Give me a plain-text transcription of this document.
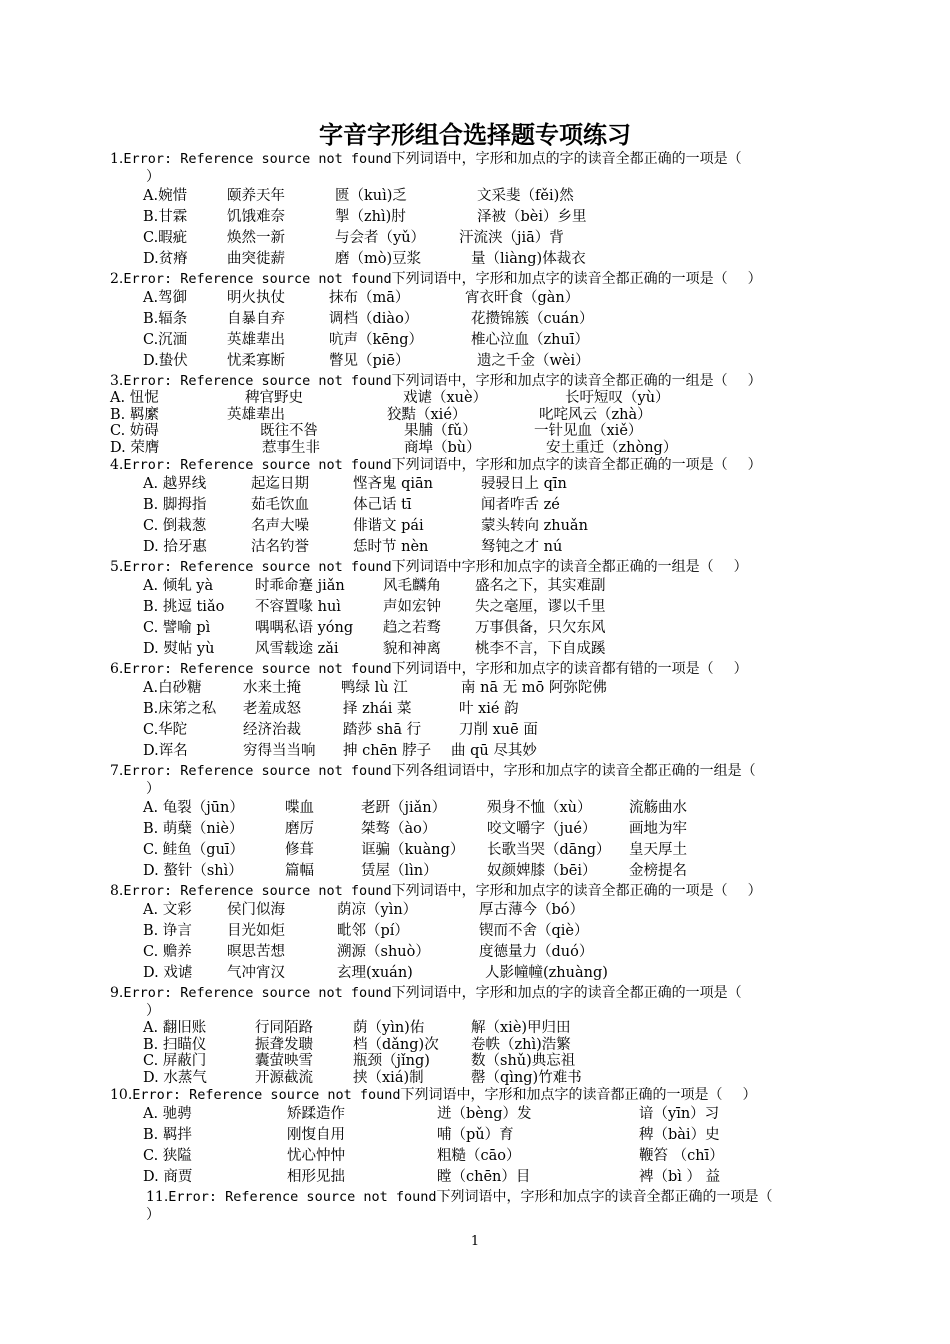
字音字形组合选择题专项练习
1.Error: Reference source not found下列词语中，字形和加点的字的读音全都正确的一项是（
）
A.婉惜	颐养天年	匮（kuì)乏	文采斐（fěi)然
B.甘霖	饥饿难奈	掣（zhì)肘	泽被（bèi）乡里
C.暇疵	焕然一新	与会者（yǔ）	汗流浃（jiā）背
D.贫瘠	曲突徙薪	磨（mò)豆浆	量（liàng)体裁衣
2.Error: Reference source not found下列词语中，字形和加点字的读音全都正确的一项是（ ）
A.驾御	明火执仗	抹布（mā）	宵衣旰食（gàn）
B.辐条	自暴自弃	调档（diào）	花攒锦簇（cuán）
C.沉湎	英雄辈出	吭声（kēng）	椎心泣血（zhuī）
D.蛰伏	忧柔寡断	瞥见（piē）	遗之千金（wèi）
3.Error: Reference source not found下列词语中，字形和加点字的读音全都正确的一组是（ ）
A. 忸怩	稗官野史	戏谑（xuè）	长吁短叹（yù）
B. 羁縻	英雄辈出	狡黠（xié）	叱咤风云（zhà）
C. 妨碍	既往不咎	果脯（fǔ）	一针见血（xiě）
D. 荣膺	惹事生非	商埠（bù）	安土重迁（zhòng）
4.Error: Reference source not found下列词语中，字形和加点字的读音全都正确的一项是（ ）
A. 越界线	起迄日期	悭吝鬼 qiān	骎骎日上 qīn
B. 脚拇指	茹毛饮血	体己话 tī	闻者咋舌 zé
C. 倒栽葱	名声大噪	俳谐文 pái	蒙头转向 zhuǎn
D. 拾牙惠	沽名钓誉	恁时节 nèn	驽钝之才 nú
5.Error: Reference source not found下列词语中字形和加点字的读音全都正确的一组是（ ）
A. 倾轧 yà	时乖命蹇 jiǎn	风毛麟角	盛名之下，其实难副
B. 挑逗 tiǎo	不容置喙 huì	声如宏钟	失之毫厘，谬以千里
C. 譬喻 pì	喁喁私语 yóng	趋之若骛	万事俱备，只欠东风
D. 熨帖 yù	风雪载途 zǎi	貌和神离	桃李不言，下自成蹊
6.Error: Reference source not found下列词语中，字形和加点字的读音都有错的一项是（ ）
A.白砂糖	水来土掩	鸭绿 lù 江	南 nā 无 mō 阿弥陀佛
B.床笫之私	老羞成怒	择 zhái 菜	叶 xié 韵
C.华陀	经济治裁	踏莎 shā 行	刀削 xuē 面
D.诨名	穷得当当响	抻 chēn 脖子	曲 qū 尽其妙
7.Error: Reference source not found下列各组词语中，字形和加点字的读音全都正确的一组是（
）
A. 龟裂（jūn）	喋血	老趼（jiǎn）	殒身不恤（xù）	流觞曲水
B. 萌蘖（niè）	磨厉	桀骜（ào）	咬文嚼字（jué）	画地为牢
C. 鲑鱼（guī）	修葺	诓骗（kuàng）	长歌当哭（dāng）	皇天厚土
D. 螯针（shì）	篇幅	赁屋（lìn）	奴颜婢膝（bēi）	金榜提名
8.Error: Reference source not found下列词语中，字形和加点字的读音全都正确的一项是（ ）
A. 文彩	侯门似海	荫凉（yìn）	厚古薄今（bó）
B. 诤言	目光如炬	毗邻（pí）	锲而不舍（qiè）
C. 赡养	暝思苦想	溯源（shuò）	度德量力（duó）
D. 戏谑	气冲宵汉	玄理(xuán)	人影幢幢(zhuàng)
9.Error: Reference source not found下列词语中，字形和加点的字的读音全都正确的一项是（
）
A. 翻旧账	行同陌路	荫（yìn)佑	解（xiè)甲归田
B. 扫瞄仪	振聋发聩	档（dǎng)次	卷帙（zhì)浩繁
C. 屏蔽门	囊萤映雪	瓶颈（jǐng)	数（shǔ)典忘祖
D. 水蒸气	开源截流	挟（xiá)制	罄（qìng)竹难书
10.Error: Reference source not found下列词语中，字形和加点字的读音都正确的一项是（ ）
A. 驰骋	矫蹂造作	迸（bèng）发	谙（yīn）习
B. 羁拌	刚愎自用	哺（pǔ）育	稗（bài）史
C. 狭隘	忧心忡忡	粗糙（cāo）	鞭笞 （chī）
D. 商贾	相形见拙	瞠（chēn）目	裨（bì ） 益
11.Error: Reference source not found下列词语中，字形和加点字的读音全都正确的一项是（
）
1
